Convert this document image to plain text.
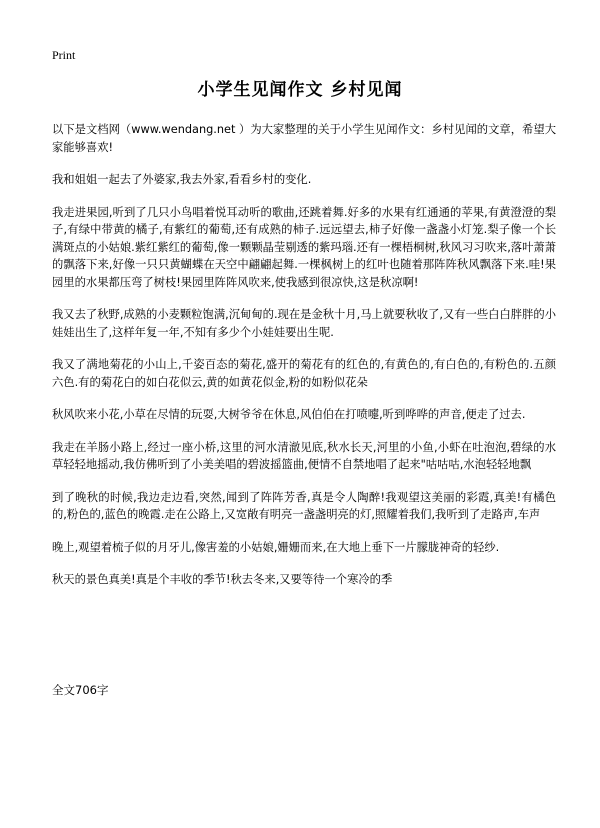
Print
小学生见闻作文 乡村见闻

以下是文档网（www.wendang.net ）为大家整理的关于小学生见闻作文：乡村见闻的文章，希望大家能够喜欢!

我和姐姐一起去了外婆家,我去外家,看看乡村的变化.

我走进果园,听到了几只小鸟唱着悦耳动听的歌曲,还跳着舞.好多的水果有红通通的苹果,有黄澄澄的梨子,有绿中带黄的橘子,有紫红的葡萄,还有成熟的柿子.远远望去,柿子好像一盏盏小灯笼.梨子像一个长满斑点的小姑娘.紫红紫红的葡萄,像一颗颗晶莹剔透的紫玛瑙.还有一棵梧桐树,秋风习习吹来,落叶萧萧的飘落下来,好像一只只黄蝴蝶在天空中翩翩起舞.一棵枫树上的红叶也随着那阵阵秋风飘落下来.哇!果园里的水果都压弯了树枝!果园里阵阵风吹来,使我感到很凉快,这是秋凉啊!

我又去了秋野,成熟的小麦颗粒饱满,沉甸甸的.现在是金秋十月,马上就要秋收了,又有一些白白胖胖的小娃娃出生了,这样年复一年,不知有多少个小娃娃要出生呢.

我又了满地菊花的小山上,千姿百态的菊花,盛开的菊花有的红色的,有黄色的,有白色的,有粉色的.五颜六色.有的菊花白的如白花似云,黄的如黄花似金,粉的如粉似花朵

秋风吹来小花,小草在尽情的玩耍,大树爷爷在休息,风伯伯在打喷嚏,听到哗哗的声音,便走了过去.

我走在羊肠小路上,经过一座小桥,这里的河水清澈见底,秋水长天,河里的小鱼,小虾在吐泡泡,碧绿的水草轻轻地摇动,我仿佛听到了小美美唱的碧波摇篮曲,便情不自禁地唱了起来"咕咕咕,水泡轻轻地飘

到了晚秋的时候,我边走边看,突然,闻到了阵阵芳香,真是令人陶醉!我观望这美丽的彩霞,真美!有橘色的,粉色的,蓝色的晚霞.走在公路上,又宽敞有明亮一盏盏明亮的灯,照耀着我们,我听到了走路声,车声

晚上,观望着梳子似的月牙儿,像害羞的小姑娘,姗姗而来,在大地上垂下一片朦胧神奇的轻纱.

秋天的景色真美!真是个丰收的季节!秋去冬来,又要等待一个寒冷的季

全文706字
